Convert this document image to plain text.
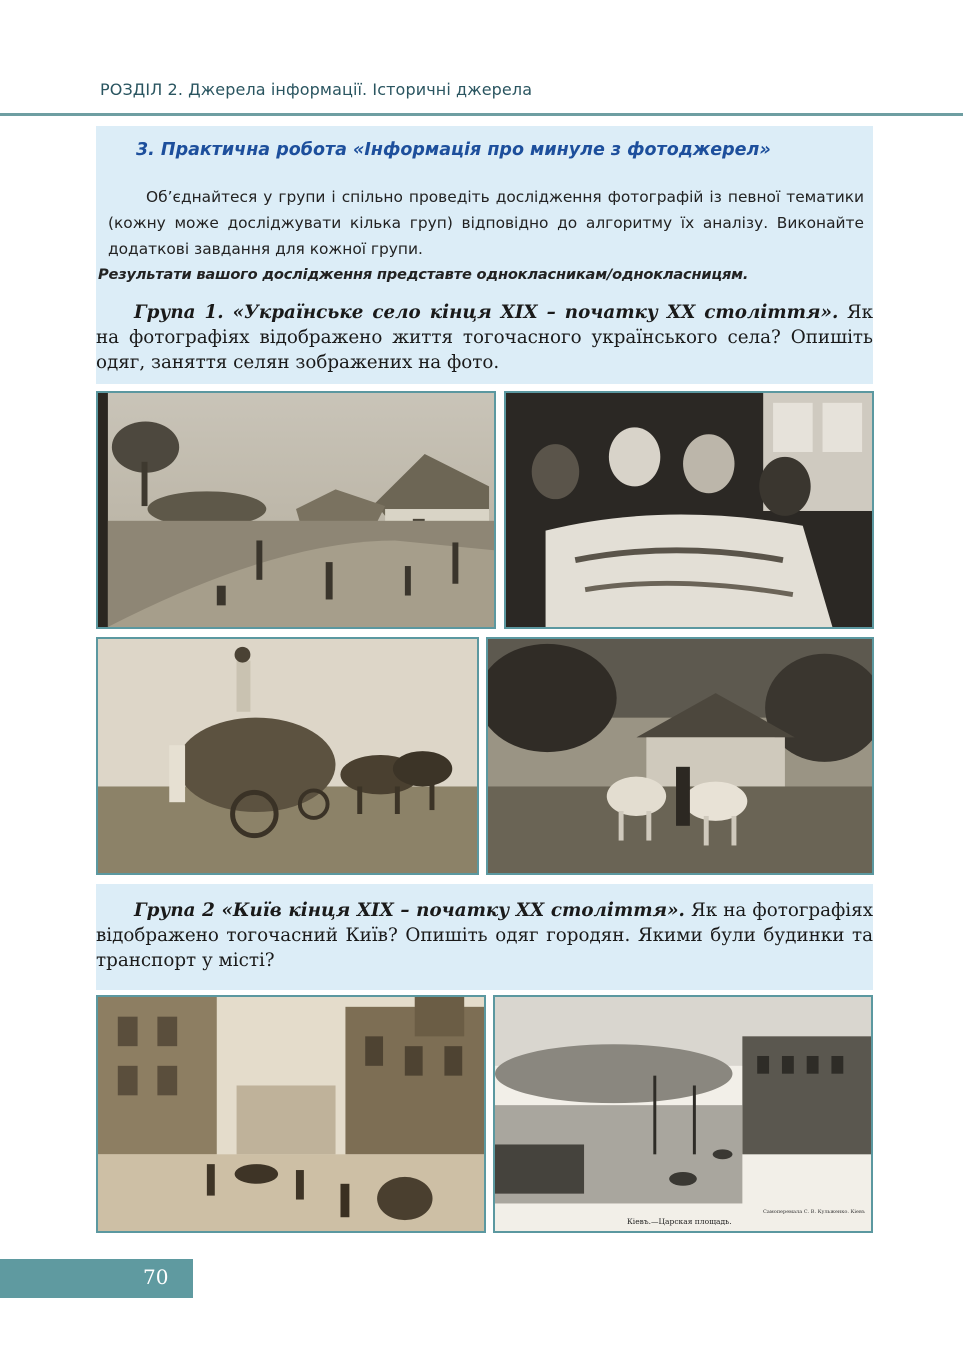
РОЗДІЛ 2. Джерела інформації. Історичні джерела
3. Практична робота «Інформація про минуле з фотоджерел»
Об’єднайтеся у групи і спільно проведіть дослідження фотографій із певної тематики (кожну може досліджувати кілька груп) відповідно до алгоритму їх аналізу. Виконайте додаткові завдання для кожної групи.
Результати вашого дослідження представте однокласникам/однокласницям.
Група 1. «Українське село кінця XIX – початку XX століття». Як на фотографіях відображено життя тогочасного українського села? Опишіть одяг, заняття селян зображених на фото.
Група 2 «Київ кінця XIX – початку XX століття». Як на фотографіях відображено тогочасний Київ? Опишіть одяг городян. Якими були будинки та транспорт у місті?
Самоперемала С. В. Кульженко. Кіевъ
Кіевъ.—Царская площадь.
70
